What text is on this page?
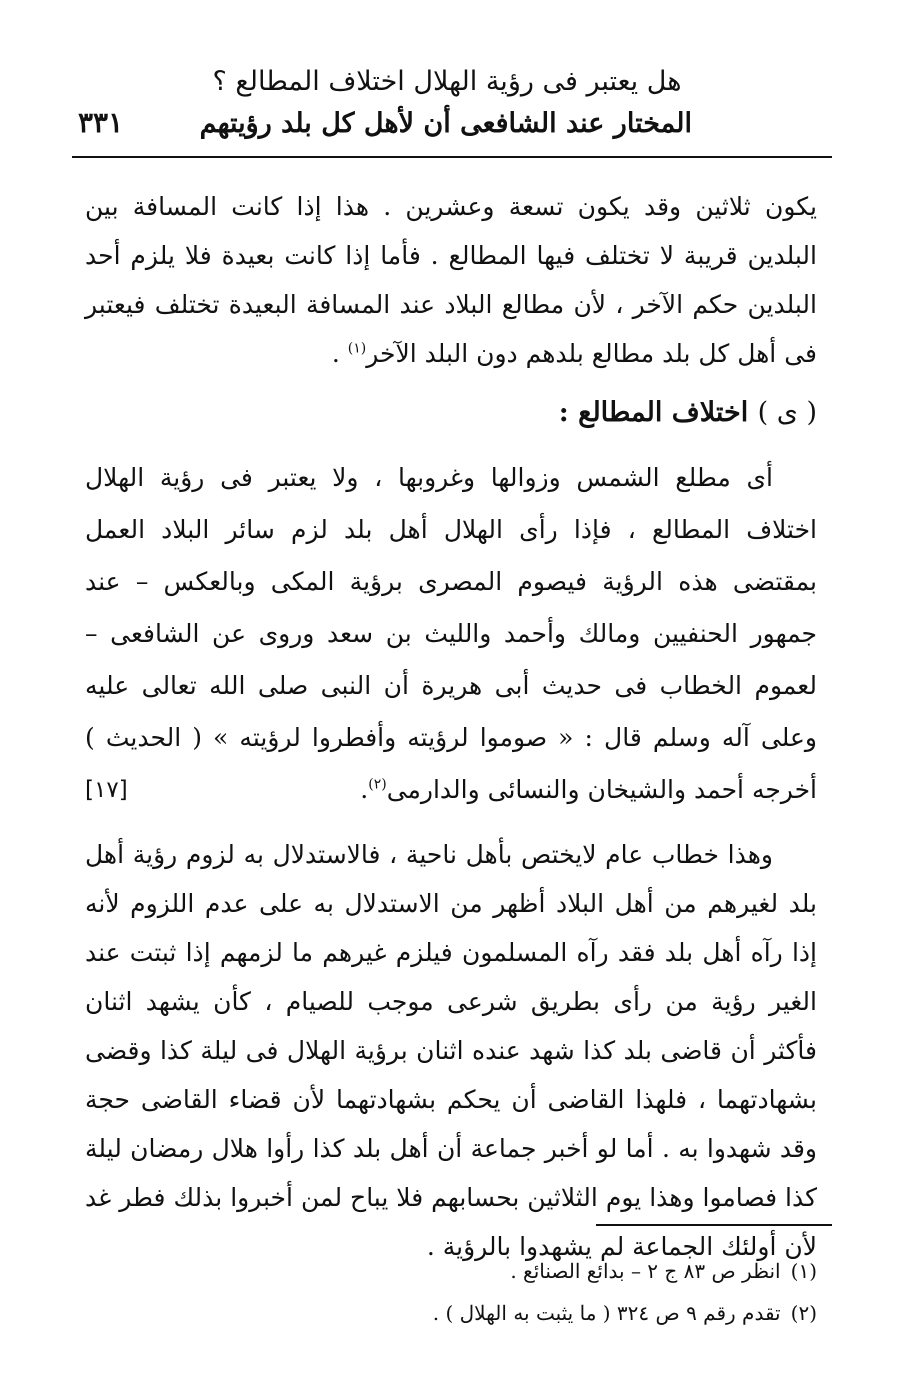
هل يعتبر فى رؤية الهلال اختلاف المطالع ؟
المختار عند الشافعى أن لأهل كل بلد رؤيتهم
٣٣١
يكون ثلاثين وقد يكون تسعة وعشرين . هذا إذا كانت المسافة بين البلدين قريبة لا تختلف فيها المطالع . فأما إذا كانت بعيدة فلا يلزم أحد البلدين حكم الآخر ، لأن مطالع البلاد عند المسافة البعيدة تختلف فيعتبر فى أهل كل بلد مطالع بلدهم دون البلد الآخر$^{(١)}$ .
( ى ) اختلاف المطالع :
أى مطلع الشمس وزوالها وغروبها ، ولا يعتبر فى رؤية الهلال اختلاف المطالع ، فإذا رأى الهلال أهل بلد لزم سائر البلاد العمل بمقتضى هذه الرؤية فيصوم المصرى برؤية المكى وبالعكس – عند جمهور الحنفيين ومالك وأحمد والليث بن سعد وروى عن الشافعى – لعموم الخطاب فى حديث أبى هريرة أن النبى صلى الله تعالى عليه وعلى آله وسلم قال : « صوموا لرؤيته وأفطروا لرؤيته » ( الحديث ) أخرجه أحمد والشيخان والنسائى والدارمى$^{(٢)}$.
[١٧]
وهذا خطاب عام لايختص بأهل ناحية ، فالاستدلال به لزوم رؤية أهل بلد لغيرهم من أهل البلاد أظهر من الاستدلال به على عدم اللزوم لأنه إذا رآه أهل بلد فقد رآه المسلمون فيلزم غيرهم ما لزمهم إذا ثبتت عند الغير رؤية من رأى بطريق شرعى موجب للصيام ، كأن يشهد اثنان فأكثر أن قاضى بلد كذا شهد عنده اثنان برؤية الهلال فى ليلة كذا وقضى بشهادتهما ، فلهذا القاضى أن يحكم بشهادتهما لأن قضاء القاضى حجة وقد شهدوا به . أما لو أخبر جماعة أن أهل بلد كذا رأوا هلال رمضان ليلة كذا فصاموا وهذا يوم الثلاثين بحسابهم فلا يباح لمن أخبروا بذلك فطر غد لأن أولئك الجماعة لم يشهدوا بالرؤية .
(١)انظر ص ٨٣ ج ٢ – بدائع الصنائع .
(٢)تقدم رقم ٩ ص ٣٢٤ ( ما يثبت به الهلال ) .
